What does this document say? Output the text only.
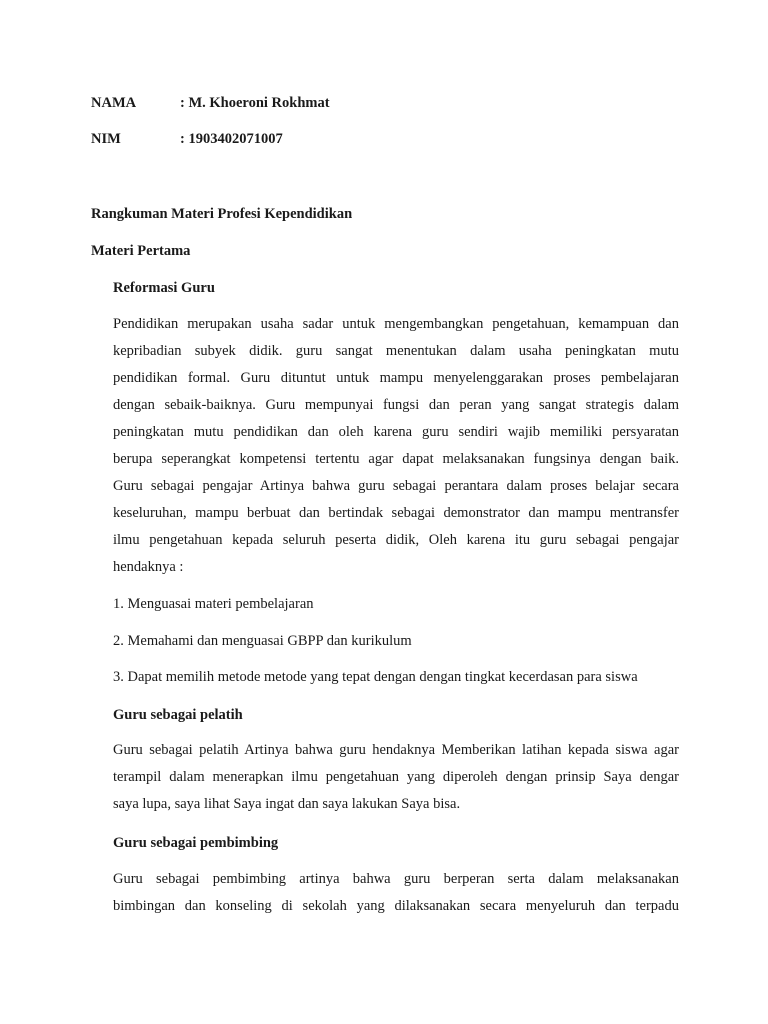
NAMA	: M. Khoeroni Rokhmat
NIM	: 1903402071007
Rangkuman Materi Profesi Kependidikan
Materi Pertama
Reformasi Guru
Pendidikan merupakan usaha sadar untuk mengembangkan pengetahuan, kemampuan dan
kepribadian subyek didik. guru sangat menentukan dalam usaha peningkatan mutu
pendidikan formal. Guru dituntut untuk mampu menyelenggarakan proses pembelajaran
dengan sebaik-baiknya. Guru mempunyai fungsi dan peran yang sangat strategis dalam
peningkatan mutu pendidikan dan oleh karena guru sendiri wajib memiliki persyaratan
berupa seperangkat kompetensi tertentu agar dapat melaksanakan fungsinya dengan baik.
Guru sebagai pengajar Artinya bahwa guru sebagai perantara dalam proses belajar secara
keseluruhan, mampu berbuat dan bertindak sebagai demonstrator dan mampu mentransfer
ilmu pengetahuan kepada seluruh peserta didik, Oleh karena itu guru sebagai pengajar
hendaknya :
1. Menguasai materi pembelajaran
2. Memahami dan menguasai GBPP dan kurikulum
3. Dapat memilih metode metode yang tepat dengan dengan tingkat kecerdasan para siswa
Guru sebagai pelatih
Guru sebagai pelatih Artinya bahwa guru hendaknya Memberikan latihan kepada siswa agar
terampil dalam menerapkan ilmu pengetahuan yang diperoleh dengan prinsip Saya dengar
saya lupa, saya lihat Saya ingat dan saya lakukan Saya bisa.
Guru sebagai pembimbing
Guru sebagai pembimbing artinya bahwa guru berperan serta dalam melaksanakan
bimbingan dan konseling di sekolah yang dilaksanakan secara menyeluruh dan terpadu
